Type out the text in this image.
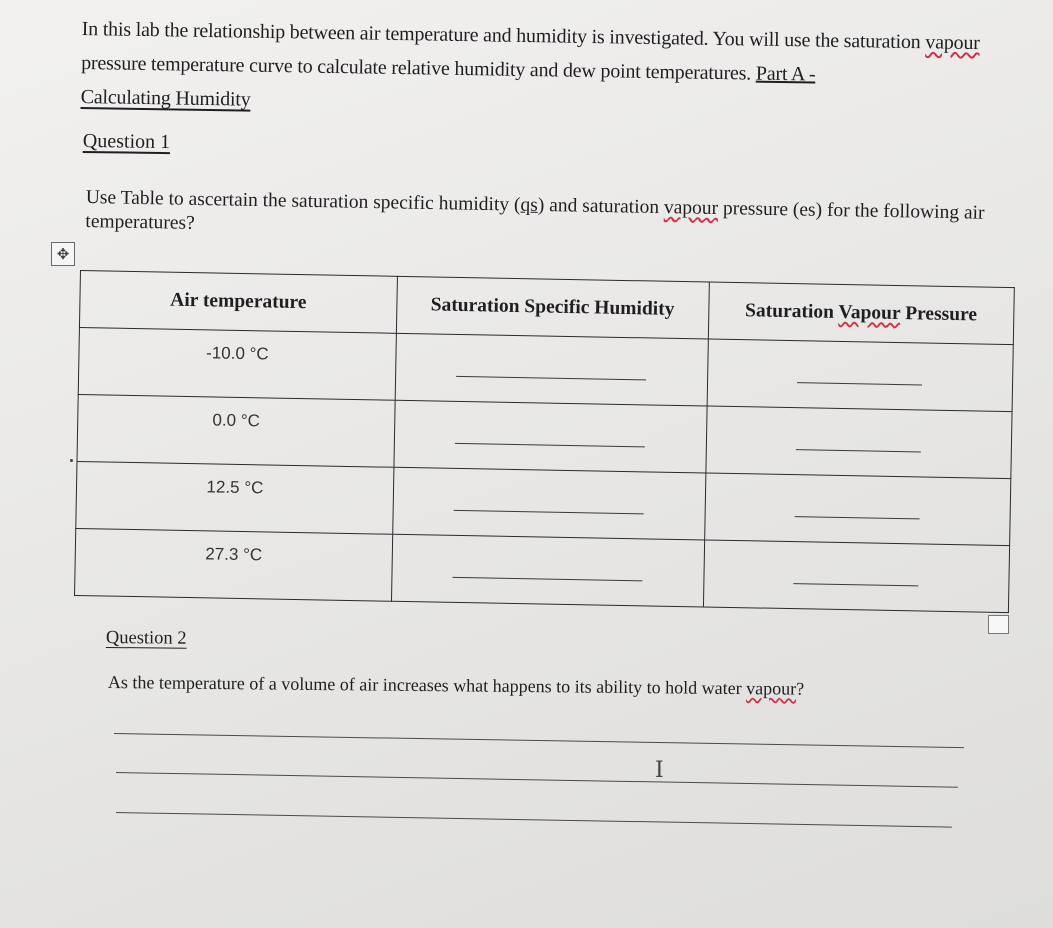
In this lab the relationship between air temperature and humidity is investigated. You will use the saturation vapour pressure temperature curve to calculate relative humidity and dew point temperatures. Part A -
Calculating Humidity
Question 1
Use Table to ascertain the saturation specific humidity (qs) and saturation vapour pressure (es) for the following air temperatures?
✥
Air temperature	Saturation Specific Humidity	Saturation Vapour Pressure
-10.0 °C	

0.0 °C	

12.5 °C	

27.3 °C	

Question 2
As the temperature of a volume of air increases what happens to its ability to hold water vapour?
I
